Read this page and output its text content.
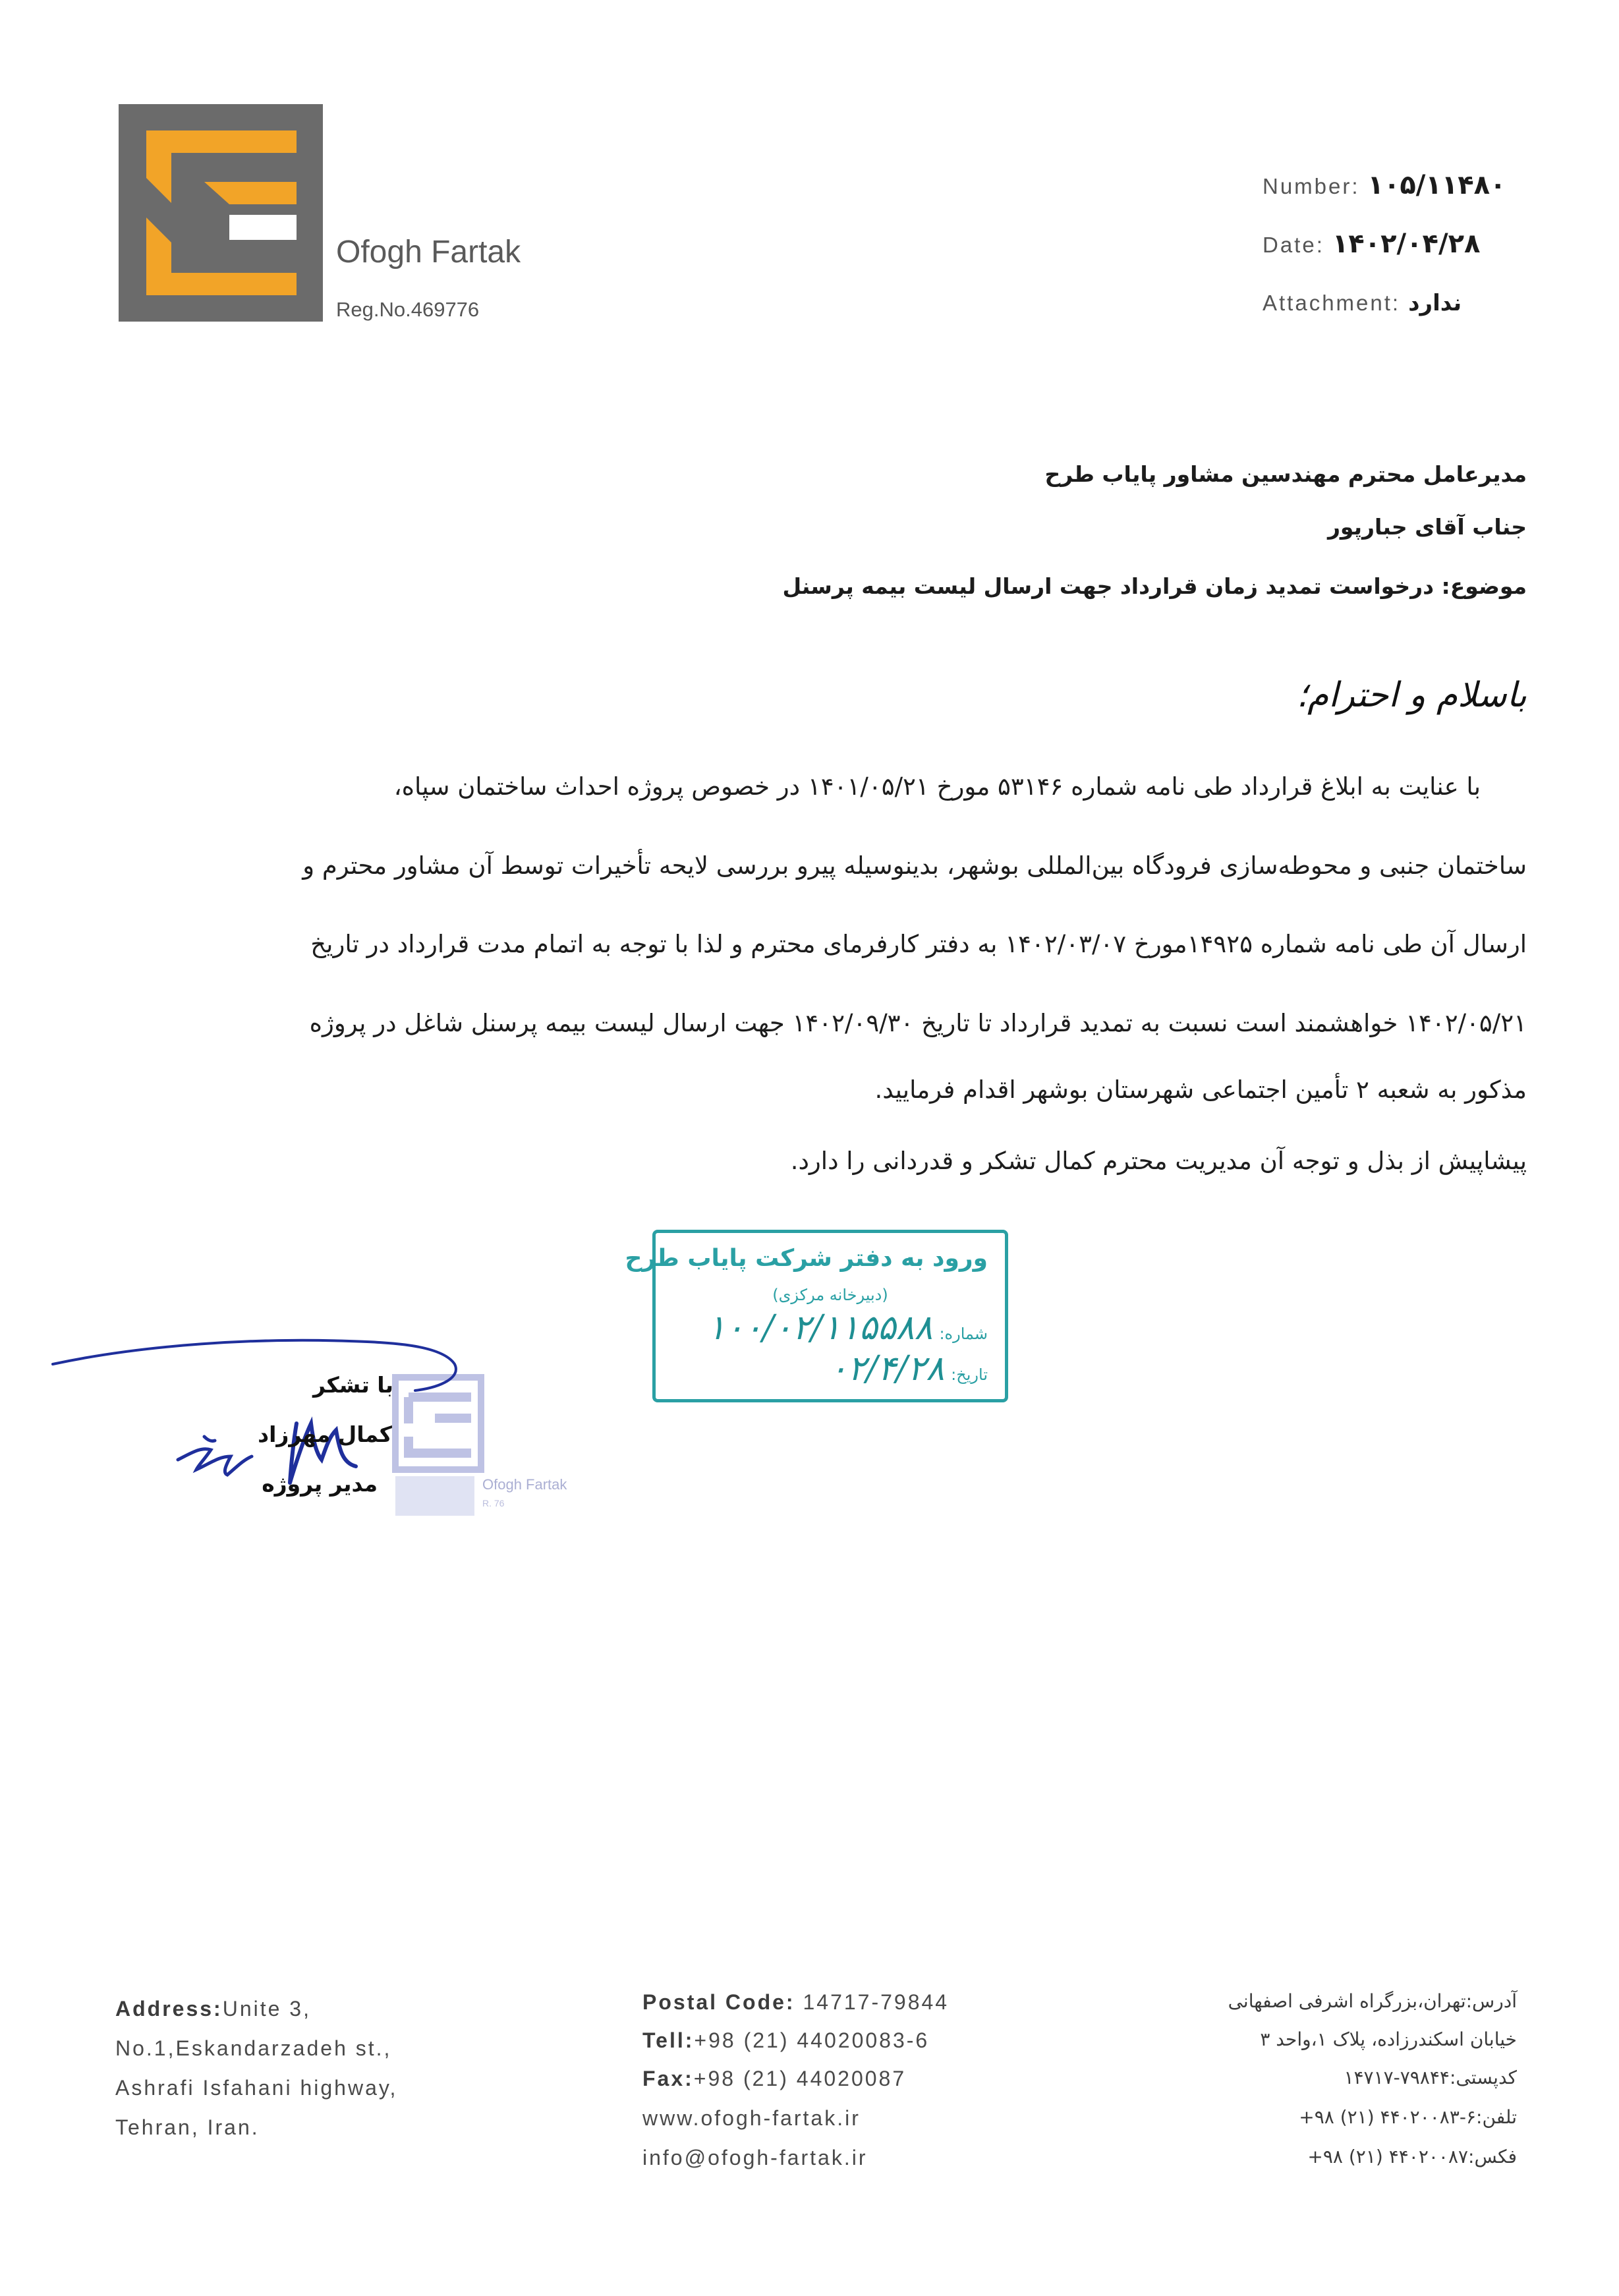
Ofogh Fartak
Reg.No.469776
Number: ۱۰۵/۱۱۴۸۰
Date: ۱۴۰۲/۰۴/۲۸
Attachment: ندارد
مدیرعامل محترم مهندسین مشاور پایاب طرح
جناب آقای جبارپور
موضوع: درخواست تمدید زمان قرارداد جهت ارسال لیست بیمه پرسنل
باسلام و احترام؛
با عنایت به ابلاغ قرارداد طی نامه شماره ۵۳۱۴۶ مورخ ۱۴۰۱/۰۵/۲۱ در خصوص پروژه احداث ساختمان سپاه،
ساختمان جنبی و محوطه‌سازی فرودگاه بین‌المللی بوشهر، بدینوسیله پیرو بررسی لایحه تأخیرات توسط آن مشاور محترم و
ارسال آن طی نامه شماره ۱۴۹۲۵مورخ ۱۴۰۲/۰۳/۰۷ به دفتر کارفرمای محترم و لذا با توجه به اتمام مدت قرارداد در تاریخ
۱۴۰۲/۰۵/۲۱ خواهشمند است نسبت به تمدید قرارداد تا تاریخ ۱۴۰۲/۰۹/۳۰ جهت ارسال لیست بیمه پرسنل شاغل در پروژه
مذکور به شعبه ۲ تأمین اجتماعی شهرستان بوشهر اقدام فرمایید.
پیشاپیش از بذل و توجه آن مدیریت محترم کمال تشکر و قدردانی را دارد.
ورود به دفتر شرکت پایاب طرح
(دبیرخانه مرکزی)
شماره:۱۰۰/۰۲/۱۱۵۵۸۸
تاریخ:۰۲/۴/۲۸
Ofogh Fartak
R. 76
با تشکر
کمال مهرزاد
مدیر پروژه
Address:Unite 3,
No.1,Eskandarzadeh st.,
Ashrafi Isfahani highway,
Tehran, Iran.
Postal Code: 14717-79844
Tell:+98 (21) 44020083-6
Fax:+98 (21) 44020087
www.ofogh-fartak.ir
info@ofogh-fartak.ir
آدرس:تهران،بزرگراه اشرفی اصفهانی
خیابان اسکندرزاده، پلاک ۱،واحد ۳
کدپستی:۷۹۸۴۴-۱۴۷۱۷
تلفن:۶-۴۴۰۲۰۰۸۳ (۲۱) ۹۸+
فکس:۴۴۰۲۰۰۸۷ (۲۱) ۹۸+
